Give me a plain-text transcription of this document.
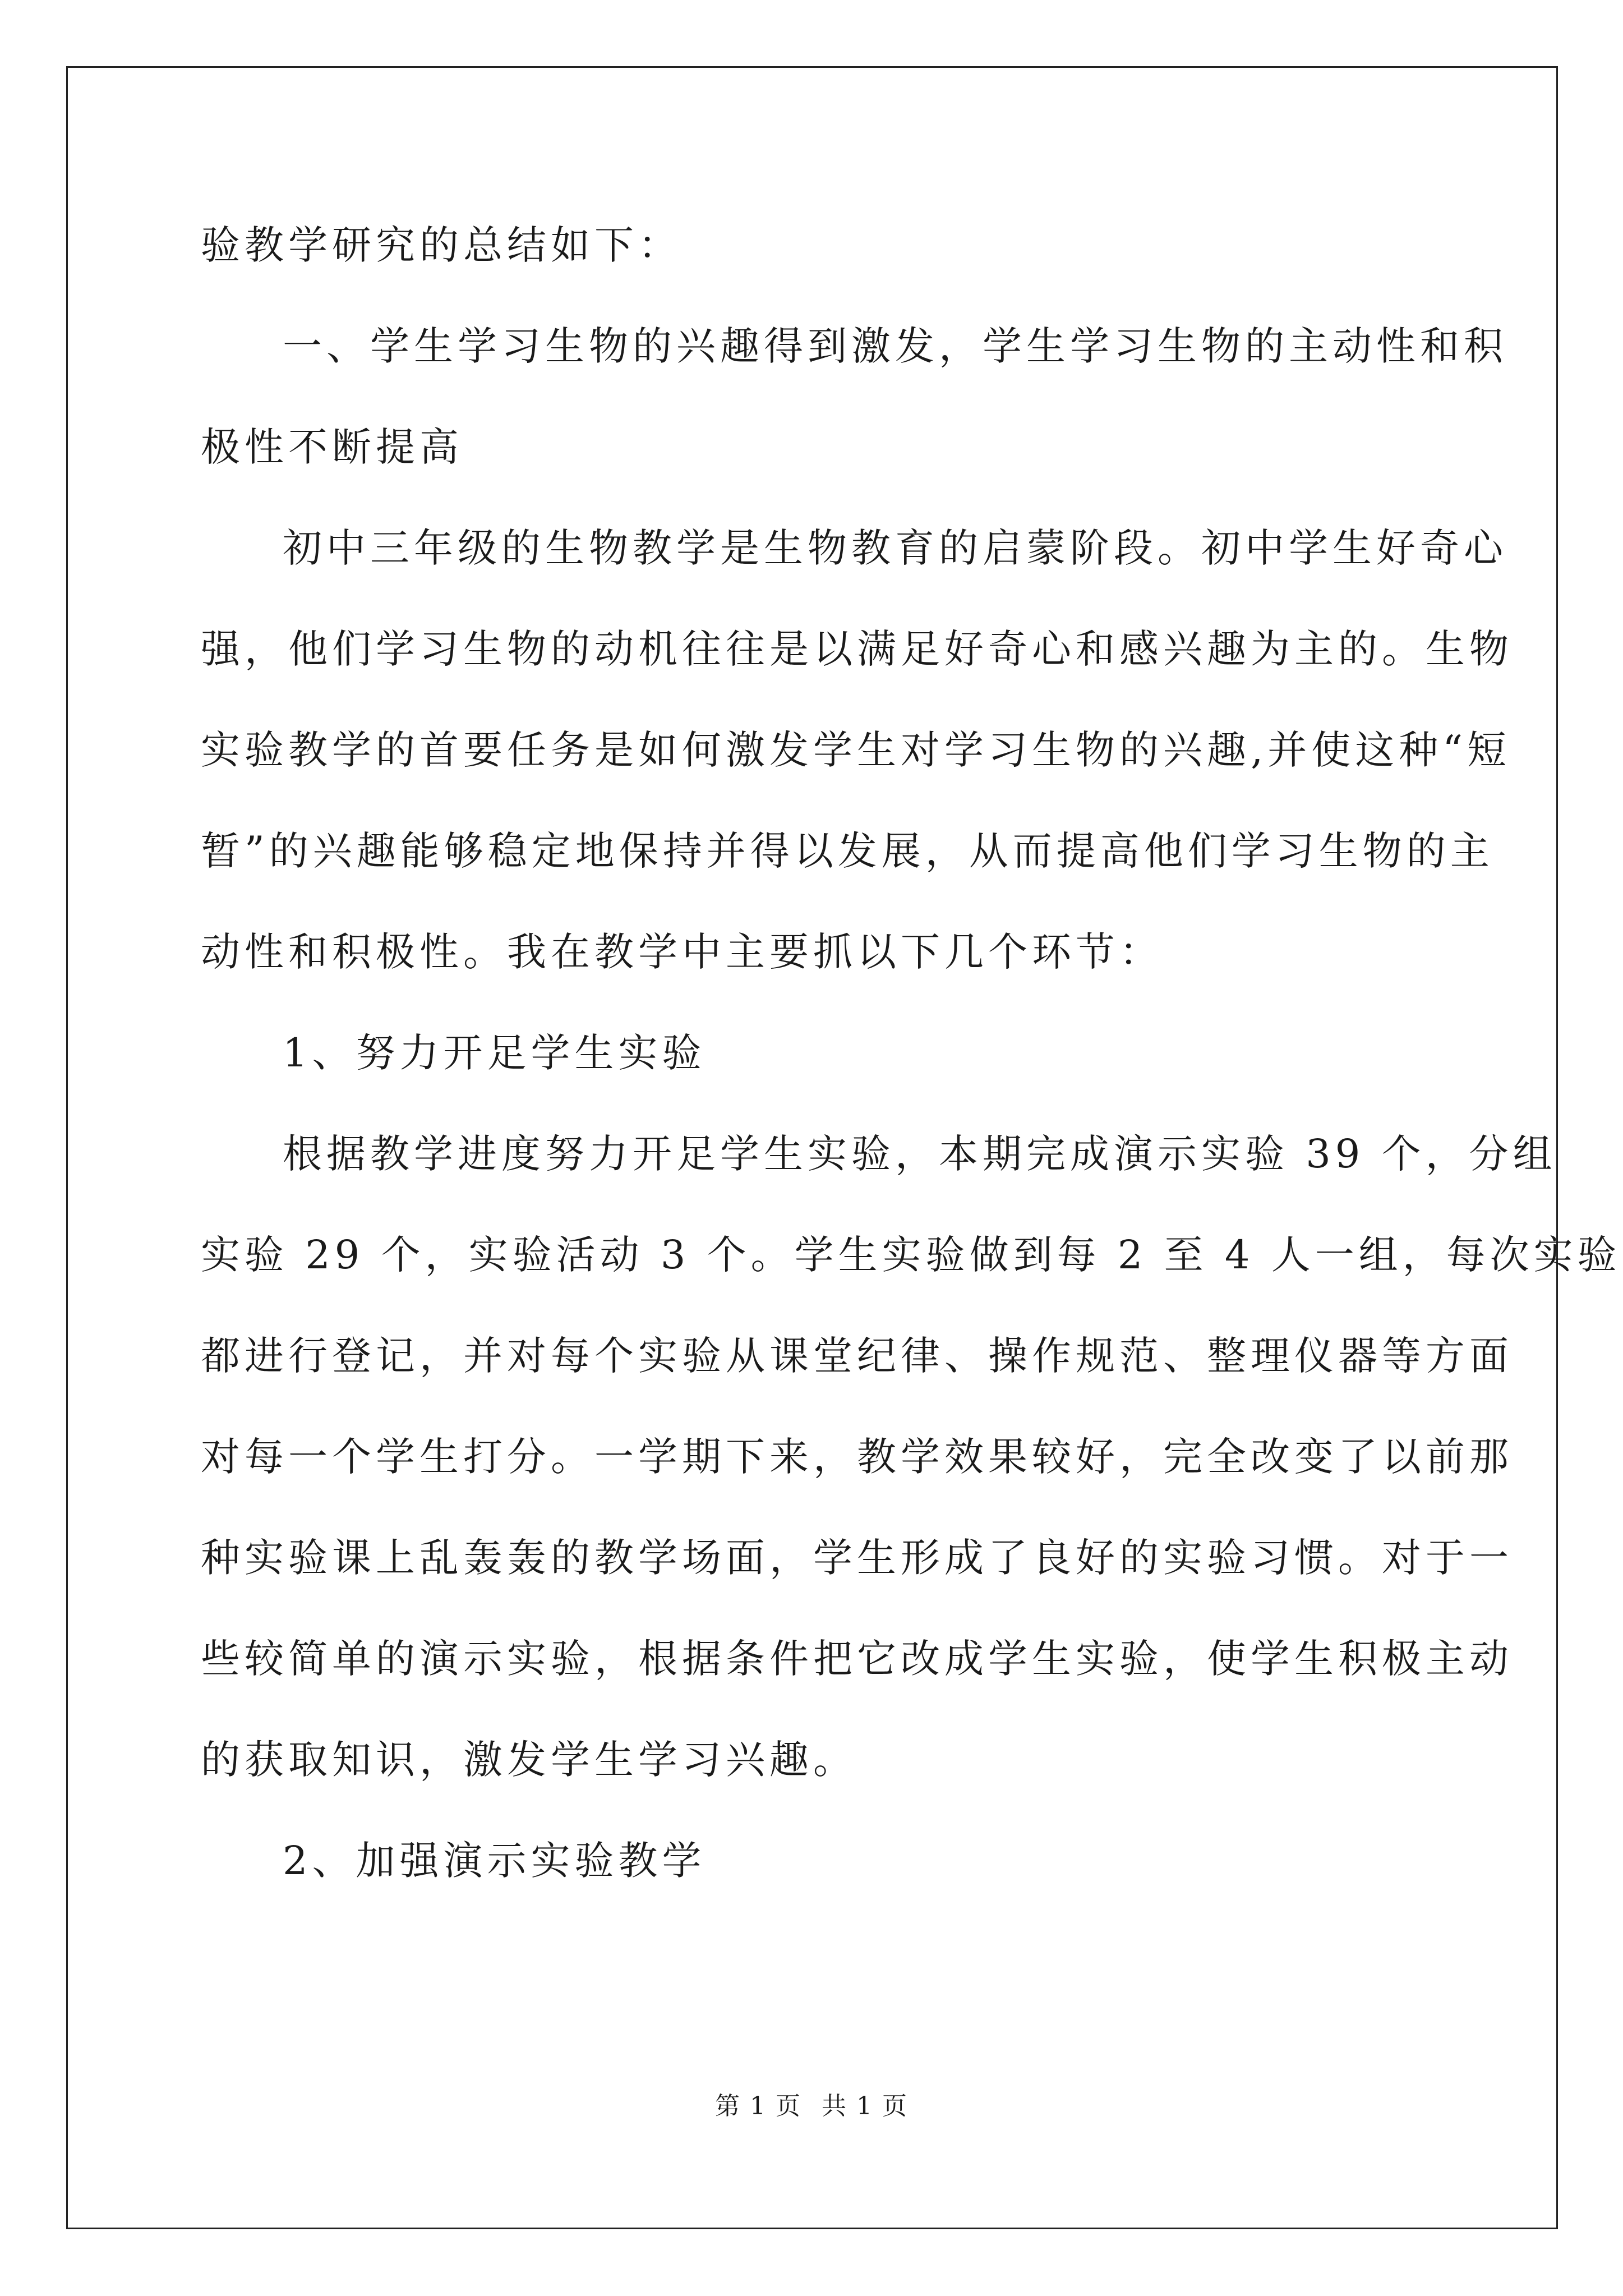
验教学研究的总结如下：

一、学生学习生物的兴趣得到激发，学生学习生物的主动性和积

极性不断提高

初中三年级的生物教学是生物教育的启蒙阶段。初中学生好奇心

强，他们学习生物的动机往往是以满足好奇心和感兴趣为主的。生物

实验教学的首要任务是如何激发学生对学习生物的兴趣,并使这种“短

暂”的兴趣能够稳定地保持并得以发展，从而提高他们学习生物的主

动性和积极性。我在教学中主要抓以下几个环节：

1、努力开足学生实验

根据教学进度努力开足学生实验，本期完成演示实验 39 个，分组

实验 29 个，实验活动 3 个。学生实验做到每 2 至 4 人一组，每次实验

都进行登记，并对每个实验从课堂纪律、操作规范、整理仪器等方面

对每一个学生打分。一学期下来，教学效果较好，完全改变了以前那

种实验课上乱轰轰的教学场面，学生形成了良好的实验习惯。对于一

些较简单的演示实验，根据条件把它改成学生实验，使学生积极主动

的获取知识，激发学生学习兴趣。

2、加强演示实验教学

第 1 页 共 1 页
